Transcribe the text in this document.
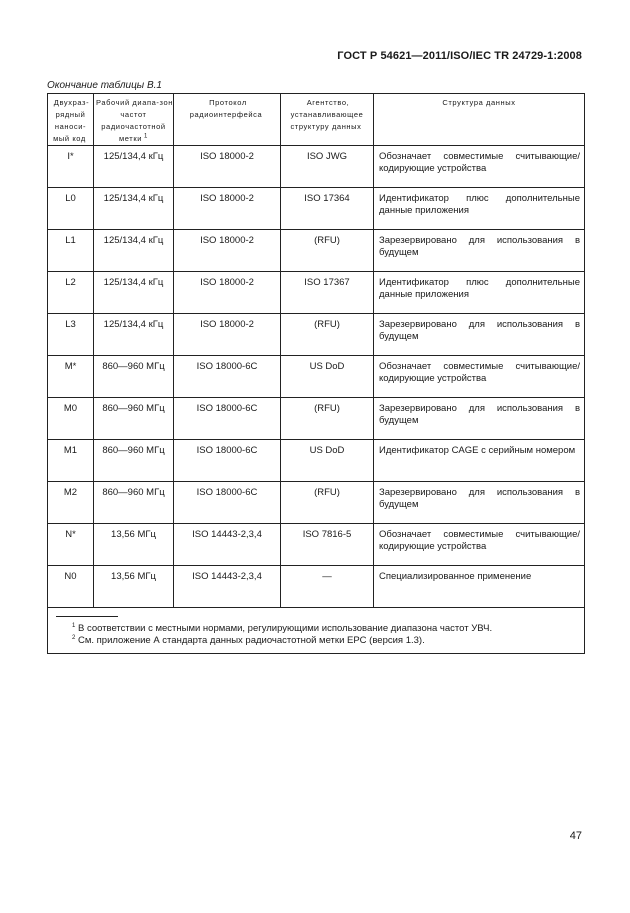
ГОСТ Р 54621—2011/ISO/IEC TR 24729-1:2008
Окончание таблицы В.1
Двухраз-рядный наноси-мый код	Рабочий диапа-зон частот радиочастотной метки $^1$	Протокол радиоинтерфейса	Агентство, устанавливающее структуру данных	Структура данных
I*	125/134,4 кГц	ISO 18000-2	ISO JWG	Обозначает совместимые считывающие/кодирующие устройства
L0	125/134,4 кГц	ISO 18000-2	ISO 17364	Идентификатор плюс дополнительные данные приложения
L1	125/134,4 кГц	ISO 18000-2	(RFU)	Зарезервировано для использования в будущем
L2	125/134,4 кГц	ISO 18000-2	ISO 17367	Идентификатор плюс дополнительные данные приложения
L3	125/134,4 кГц	ISO 18000-2	(RFU)	Зарезервировано для использования в будущем
M*	860—960 МГц	ISO 18000-6C	US DoD	Обозначает совместимые считывающие/кодирующие устройства
M0	860—960 МГц	ISO 18000-6C	(RFU)	Зарезервировано для использования в будущем
M1	860—960 МГц	ISO 18000-6C	US DoD	Идентификатор CAGE с серийным номером
M2	860—960 МГц	ISO 18000-6C	(RFU)	Зарезервировано для использования в будущем
N*	13,56 МГц	ISO 14443-2,3,4	ISO 7816-5	Обозначает совместимые считывающие/кодирующие устройства
N0	13,56 МГц	ISO 14443-2,3,4	—	Специализированное применение

$^1$ В соответствии с местными нормами, регулирующими использование диапазона частот УВЧ.
$^2$ См. приложение А стандарта данных радиочастотной метки EPC (версия 1.3).				
47
